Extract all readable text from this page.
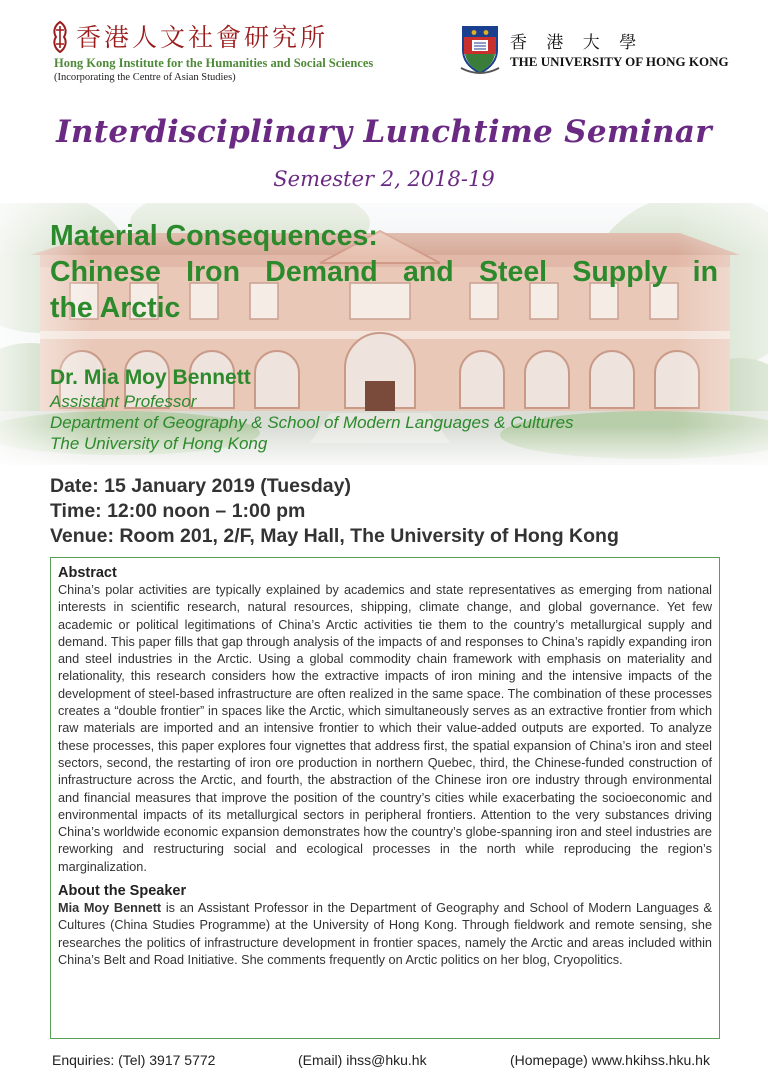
香港人文社會研究所
Hong Kong Institute for the Humanities and Social Sciences
(Incorporating the Centre of Asian Studies)
香 港 大 學
THE UNIVERSITY OF HONG KONG
Interdisciplinary Lunchtime Seminar
Semester 2, 2018-19
Material Consequences:
Chinese Iron Demand and Steel Supply in
the Arctic
Dr. Mia Moy Bennett
Assistant Professor
Department of Geography & School of Modern Languages & Cultures
The University of Hong Kong
Date: 15 January 2019 (Tuesday)
Time: 12:00 noon – 1:00 pm
Venue: Room 201, 2/F, May Hall, The University of Hong Kong
Abstract

China’s polar activities are typically explained by academics and state representatives as emerging from national interests in scientific research, natural resources, shipping, climate change, and global governance. Yet few academic or political legitimations of China’s Arctic activities tie them to the country’s metallurgical supply and demand. This paper fills that gap through analysis of the impacts of and responses to China’s rapidly expanding iron and steel industries in the Arctic. Using a global commodity chain framework with emphasis on materiality and relationality, this research considers how the extractive impacts of iron mining and the intensive impacts of the development of steel-based infrastructure are often realized in the same space. The combination of these processes creates a “double frontier” in spaces like the Arctic, which simultaneously serves as an extractive frontier from which raw materials are imported and an intensive frontier to which their value-added outputs are exported. To analyze these processes, this paper explores four vignettes that address first, the spatial expansion of China’s iron and steel sectors, second, the restarting of iron ore production in northern Quebec, third, the Chinese-funded construction of infrastructure across the Arctic, and fourth, the abstraction of the Chinese iron ore industry through environmental and financial measures that improve the position of the country’s cities while exacerbating the socioeconomic and environmental impacts of its metallurgical sectors in peripheral frontiers. Attention to the very substances driving China’s worldwide economic expansion demonstrates how the country’s globe-spanning iron and steel industries are reworking and restructuring social and ecological processes in the north while reproducing the region’s marginalization.

About the Speaker

Mia Moy Bennett is an Assistant Professor in the Department of Geography and School of Modern Languages & Cultures (China Studies Programme) at the University of Hong Kong. Through fieldwork and remote sensing, she researches the politics of infrastructure development in frontier spaces, namely the Arctic and areas included within China’s Belt and Road Initiative. She comments frequently on Arctic politics on her blog, Cryopolitics.

Enquiries: (Tel) 3917 5772	(Email) ihss@hku.hk	(Homepage) www.hkihss.hku.hk
